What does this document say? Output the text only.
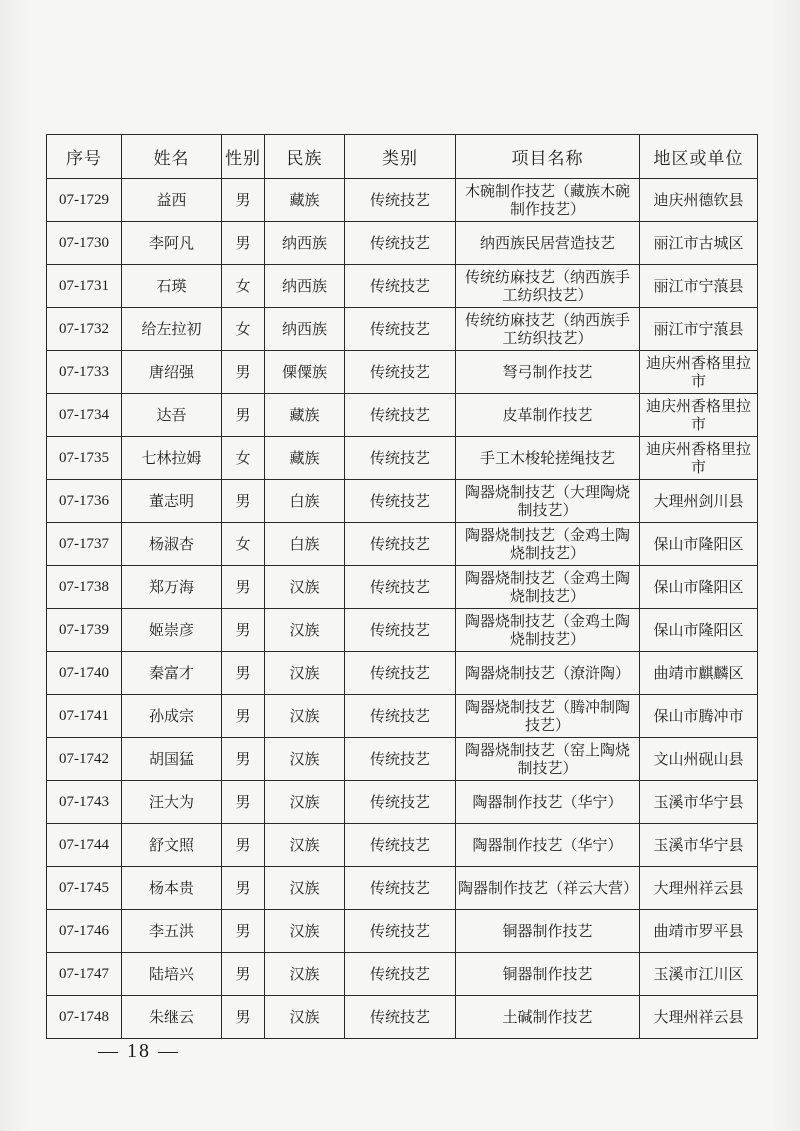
序号	姓名	性别	民族	类别	项目名称	地区或单位
07-1729	益西	男	藏族	传统技艺	木碗制作技艺（藏族木碗制作技艺）	迪庆州德钦县
07-1730	李阿凡	男	纳西族	传统技艺	纳西族民居营造技艺	丽江市古城区
07-1731	石瑛	女	纳西族	传统技艺	传统纺麻技艺（纳西族手工纺织技艺）	丽江市宁蒗县
07-1732	给左拉初	女	纳西族	传统技艺	传统纺麻技艺（纳西族手工纺织技艺）	丽江市宁蒗县
07-1733	唐绍强	男	傈僳族	传统技艺	弩弓制作技艺	迪庆州香格里拉市
07-1734	达吾	男	藏族	传统技艺	皮革制作技艺	迪庆州香格里拉市
07-1735	七林拉姆	女	藏族	传统技艺	手工木梭轮搓绳技艺	迪庆州香格里拉市
07-1736	董志明	男	白族	传统技艺	陶器烧制技艺（大理陶烧制技艺）	大理州剑川县
07-1737	杨淑杏	女	白族	传统技艺	陶器烧制技艺（金鸡土陶烧制技艺）	保山市隆阳区
07-1738	郑万海	男	汉族	传统技艺	陶器烧制技艺（金鸡土陶烧制技艺）	保山市隆阳区
07-1739	姬崇彦	男	汉族	传统技艺	陶器烧制技艺（金鸡土陶烧制技艺）	保山市隆阳区
07-1740	秦富才	男	汉族	传统技艺	陶器烧制技艺（潦浒陶）	曲靖市麒麟区
07-1741	孙成宗	男	汉族	传统技艺	陶器烧制技艺（腾冲制陶技艺）	保山市腾冲市
07-1742	胡国猛	男	汉族	传统技艺	陶器烧制技艺（窑上陶烧制技艺）	文山州砚山县
07-1743	汪大为	男	汉族	传统技艺	陶器制作技艺（华宁）	玉溪市华宁县
07-1744	舒文照	男	汉族	传统技艺	陶器制作技艺（华宁）	玉溪市华宁县
07-1745	杨本贵	男	汉族	传统技艺	陶器制作技艺（祥云大营）	大理州祥云县
07-1746	李五洪	男	汉族	传统技艺	铜器制作技艺	曲靖市罗平县
07-1747	陆培兴	男	汉族	传统技艺	铜器制作技艺	玉溪市江川区
07-1748	朱继云	男	汉族	传统技艺	土碱制作技艺	大理州祥云县
— 18 —
